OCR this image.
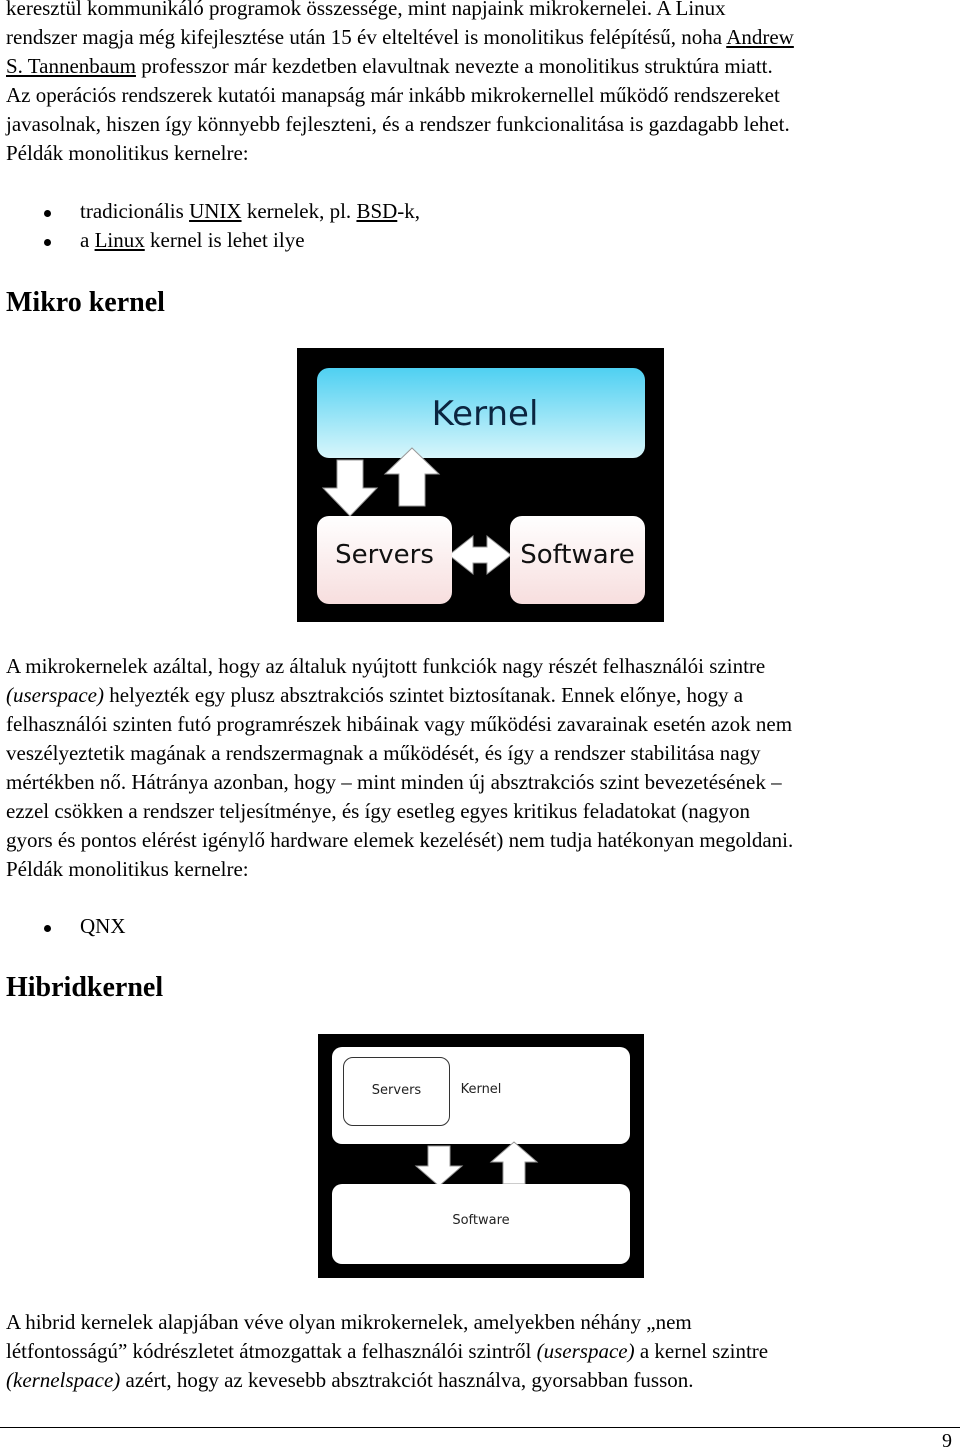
keresztül kommunikáló programok összessége, mint napjaink mikrokernelei. A Linux
rendszer magja még kifejlesztése után 15 év elteltével is monolitikus felépítésű, noha Andrew
S. Tannenbaum professzor már kezdetben elavultnak nevezte a monolitikus struktúra miatt.
Az operációs rendszerek kutatói manapság már inkább mikrokernellel működő rendszereket
javasolnak, hiszen így könnyebb fejleszteni, és a rendszer funkcionalitása is gazdagabb lehet.
Példák monolitikus kernelre:
tradicionális UNIX kernelek, pl. BSD-k,
a Linux kernel is lehet ilye
Mikro kernel
Kernel
Servers	Software
A mikrokernelek azáltal, hogy az általuk nyújtott funkciók nagy részét felhasználói szintre
(userspace) helyezték egy plusz absztrakciós szintet biztosítanak. Ennek előnye, hogy a
felhasználói szinten futó programrészek hibáinak vagy működési zavarainak esetén azok nem
veszélyeztetik magának a rendszermagnak a működését, és így a rendszer stabilitása nagy
mértékben nő. Hátránya azonban, hogy – mint minden új absztrakciós szint bevezetésének –
ezzel csökken a rendszer teljesítménye, és így esetleg egyes kritikus feladatokat (nagyon
gyors és pontos elérést igénylő hardware elemek kezelését) nem tudja hatékonyan megoldani.
Példák monolitikus kernelre:
QNX
Hibridkernel
Servers	Kernel
Software
A hibrid kernelek alapjában véve olyan mikrokernelek, amelyekben néhány „nem
létfontosságú” kódrészletet átmozgattak a felhasználói szintről (userspace) a kernel szintre
(kernelspace) azért, hogy az kevesebb absztrakciót használva, gyorsabban fusson.
9
